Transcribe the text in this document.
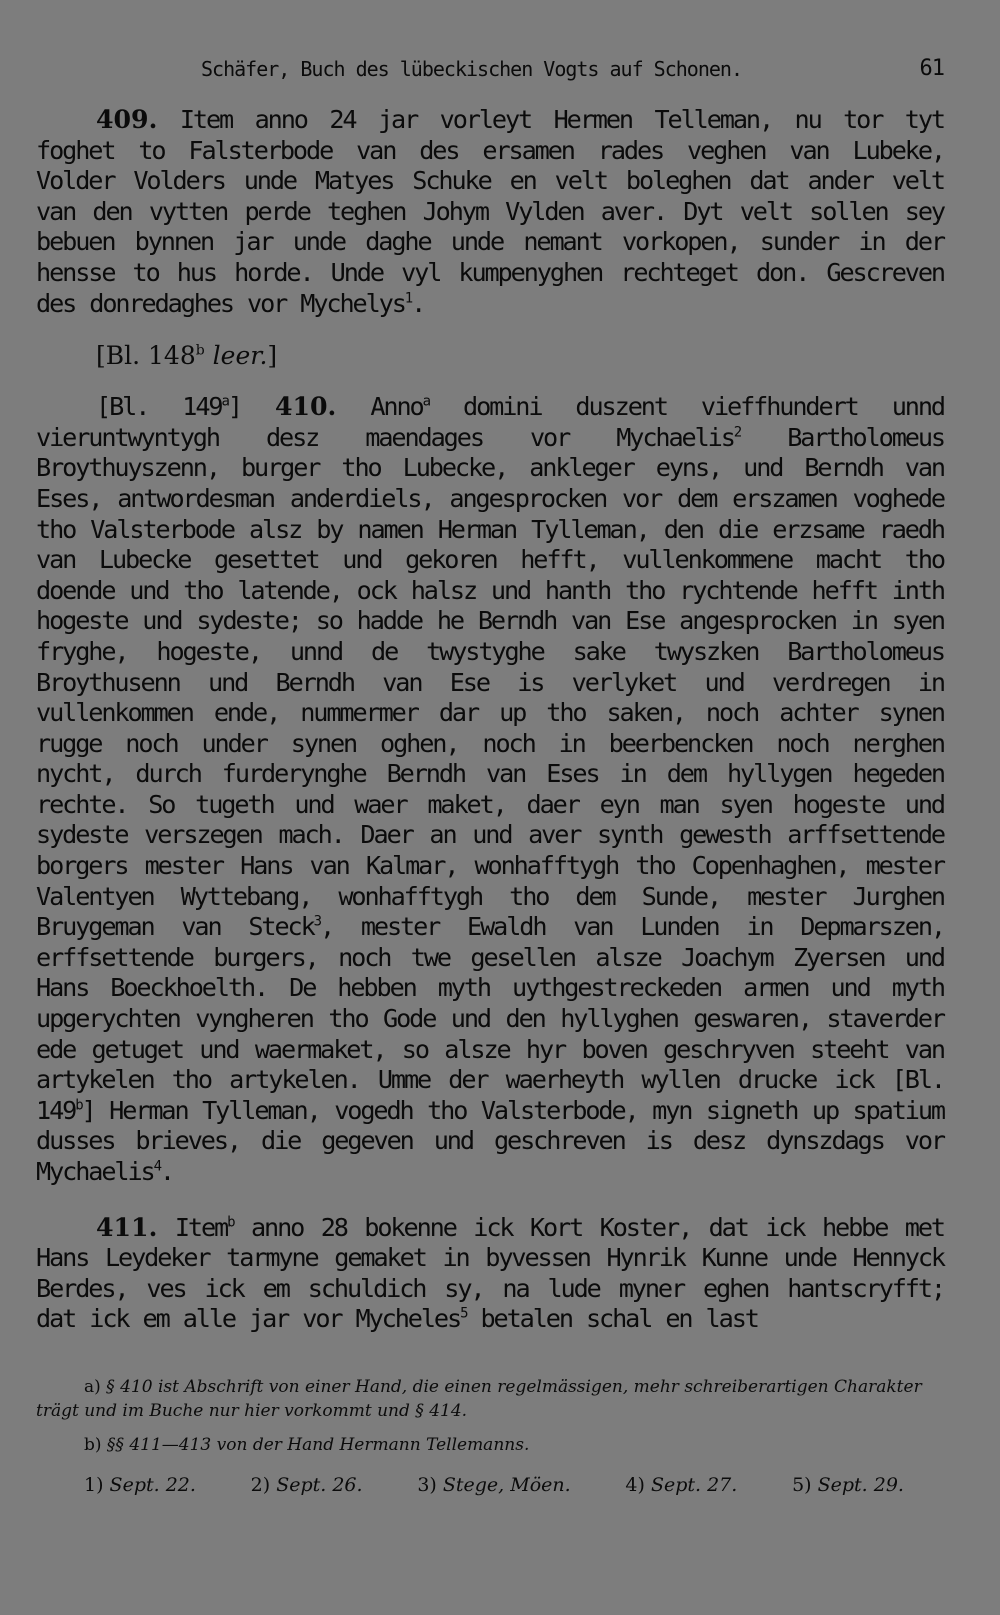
Schäfer, Buch des lübeckischen Vogts auf Schonen.	61

409. Item anno 24 jar vorleyt Hermen Telleman, nu tor tyt foghet to Falsterbode van des ersamen rades veghen van Lubeke, Volder Volders unde Matyes Schuke en velt boleghen dat ander velt van den vytten perde teghen Johym Vylden aver. Dyt velt sollen sey bebuen bynnen jar unde daghe unde nemant vorkopen, sunder in der hensse to hus horde. Unde vyl kumpenyghen rechteget don. Gescreven des donredaghes vor Mychelys$^1$.

[Bl. 148$^b$ leer.]

[Bl. 149$^a$] 410. Anno$^a$ domini duszent vieffhundert unnd vieruntwyntygh desz maendages vor Mychaelis$^2$ Bartholomeus Broythuyszenn, burger tho Lubecke, ankleger eyns, und Berndh van Eses, antwordesman anderdiels, angesprocken vor dem erszamen voghede tho Valsterbode alsz by namen Herman Tylleman, den die erzsame raedh van Lubecke gesettet und gekoren hefft, vullenkommene macht tho doende und tho latende, ock halsz und hanth tho rychtende hefft inth hogeste und sydeste; so hadde he Berndh van Ese angesprocken in syen fryghe, hogeste, unnd de twystyghe sake twyszken Bartholomeus Broythusenn und Berndh van Ese is verlyket und verdregen in vullenkommen ende, nummermer dar up tho saken, noch achter synen rugge noch under synen oghen, noch in beerbencken noch nerghen nycht, durch furderynghe Berndh van Eses in dem hyllygen hegeden rechte. So tugeth und waer maket, daer eyn man syen hogeste und sydeste verszegen mach. Daer an und aver synth gewesth arffsettende borgers mester Hans van Kalmar, wonhafftygh tho Copenhaghen, mester Valentyen Wyttebang, wonhafftygh tho dem Sunde, mester Jurghen Bruygeman van Steck$^3$, mester Ewaldh van Lunden in Depmarszen, erffsettende burgers, noch twe gesellen alsze Joachym Zyersen und Hans Boeckhoelth. De hebben myth uythgestreckeden armen und myth upgerychten vyngheren tho Gode und den hyllyghen geswaren, staverder ede getuget und waermaket, so alsze hyr boven geschryven steeht van artykelen tho artykelen. Umme der waerheyth wyllen drucke ick [Bl. 149$^b$] Herman Tylleman, vogedh tho Valsterbode, myn signeth up spatium dusses brieves, die gegeven und geschreven is desz dynszdags vor Mychaelis$^4$.

411. Item$^b$ anno 28 bokenne ick Kort Koster, dat ick hebbe met Hans Leydeker tarmyne gemaket in byvessen Hynrik Kunne unde Hennyck Berdes, ves ick em schuldich sy, na lude myner eghen hantscryfft; dat ick em alle jar vor Mycheles$^5$ betalen schal en last

a) § 410 ist Abschrift von einer Hand, die einen regelmässigen, mehr schreiberartigen Charakter trägt und im Buche nur hier vorkommt und § 414.

b) §§ 411—413 von der Hand Hermann Tellemanns.

1) Sept. 22.	2) Sept. 26.	3) Stege, Möen.	4) Sept. 27.	5) Sept. 29.
